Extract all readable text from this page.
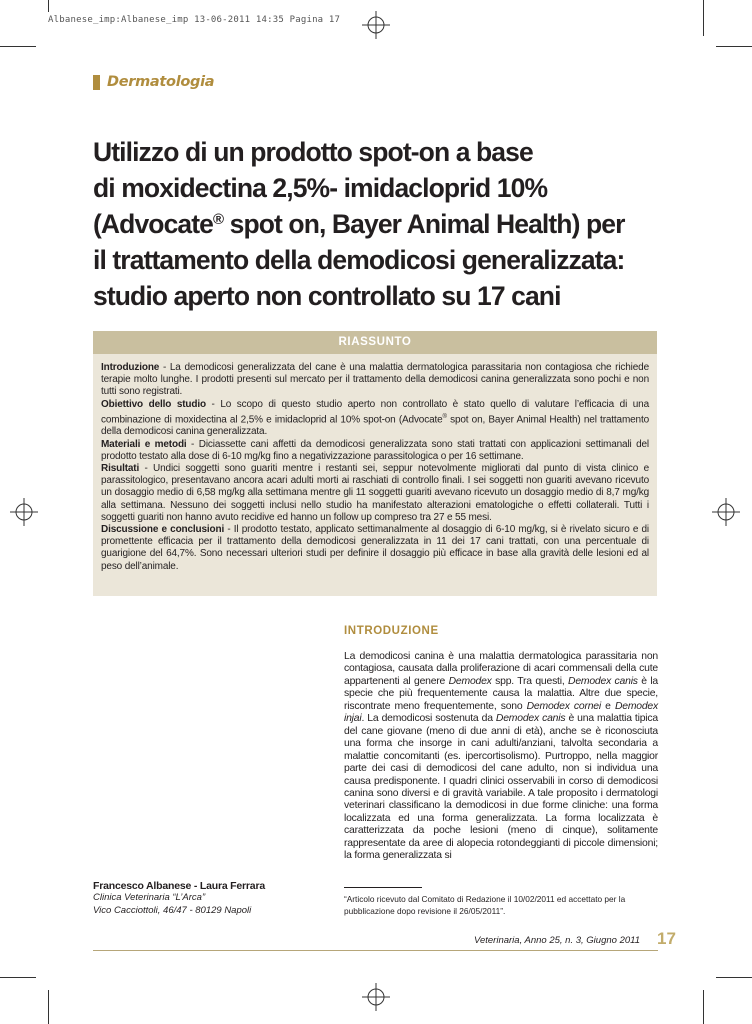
Albanese_imp:Albanese_imp 13-06-2011 14:35 Pagina 17
Dermatologia

Utilizzo di un prodotto spot-on a base

di moxidectina 2,5%- imidacloprid 10%

(Advocate® spot on, Bayer Animal Health) per

il trattamento della demodicosi generalizzata:

studio aperto non controllato su 17 cani

RIASSUNTO

Introduzione - La demodicosi generalizzata del cane è una malattia dermatologica parassitaria non contagiosa che richiede terapie molto lunghe. I prodotti presenti sul mercato per il trattamento della demodicosi canina generalizzata sono pochi e non tutti sono registrati.

Obiettivo dello studio - Lo scopo di questo studio aperto non controllato è stato quello di valutare l’efficacia di una combinazione di moxidectina al 2,5% e imidacloprid al 10% spot-on (Advocate® spot on, Bayer Animal Health) nel trattamento della demodicosi canina generalizzata.

Materiali e metodi - Diciassette cani affetti da demodicosi generalizzata sono stati trattati con applicazioni settimanali del prodotto testato alla dose di 6-10 mg/kg fino a negativizzazione parassitologica o per 16 settimane.

Risultati - Undici soggetti sono guariti mentre i restanti sei, seppur notevolmente migliorati dal punto di vista clinico e parassitologico, presentavano ancora acari adulti morti ai raschiati di controllo finali. I sei soggetti non guariti avevano ricevuto un dosaggio medio di 6,58 mg/kg alla settimana mentre gli 11 soggetti guariti avevano ricevuto un dosaggio medio di 8,7 mg/kg alla settimana. Nessuno dei soggetti inclusi nello studio ha manifestato alterazioni ematologiche o effetti collaterali. Tutti i soggetti guariti non hanno avuto recidive ed hanno un follow up compreso tra 27 e 55 mesi.

Discussione e conclusioni - Il prodotto testato, applicato settimanalmente al dosaggio di 6-10 mg/kg, si è rivelato sicuro e di promettente efficacia per il trattamento della demodicosi generalizzata in 11 dei 17 cani trattati, con una percentuale di guarigione del 64,7%. Sono necessari ulteriori studi per definire il dosaggio più efficace in base alla gravità delle lesioni ed al peso dell’animale.

INTRODUZIONE

La demodicosi canina è una malattia dermatologica parassitaria non contagiosa, causata dalla proliferazione di acari commensali della cute appartenenti al genere Demodex spp. Tra questi, Demodex canis è la specie che più frequentemente causa la malattia. Altre due specie, riscontrate meno frequentemente, sono Demodex cornei e Demodex injai. La demodicosi sostenuta da Demodex canis è una malattia tipica del cane giovane (meno di due anni di età), anche se è riconosciuta una forma che insorge in cani adulti/anziani, talvolta secondaria a malattie concomitanti (es. ipercortisolismo). Purtroppo, nella maggior parte dei casi di demodicosi del cane adulto, non si individua una causa predisponente. I quadri clinici osservabili in corso di demodicosi canina sono diversi e di gravità variabile. A tale proposito i dermatologi veterinari classificano la demodicosi in due forme cliniche: una forma localizzata ed una forma generalizzata. La forma localizzata è caratterizzata da poche lesioni (meno di cinque), solitamente rappresentate da aree di alopecia rotondeggianti di piccole dimensioni; la forma generalizzata si

Francesco Albanese - Laura Ferrara
Clinica Veterinaria “L’Arca”
Vico Cacciottoli, 46/47 - 80129 Napoli
“Articolo ricevuto dal Comitato di Redazione il 10/02/2011 ed accettato per la pubblicazione dopo revisione il 26/05/2011”.
Veterinaria, Anno 25, n. 3, Giugno 2011 17
